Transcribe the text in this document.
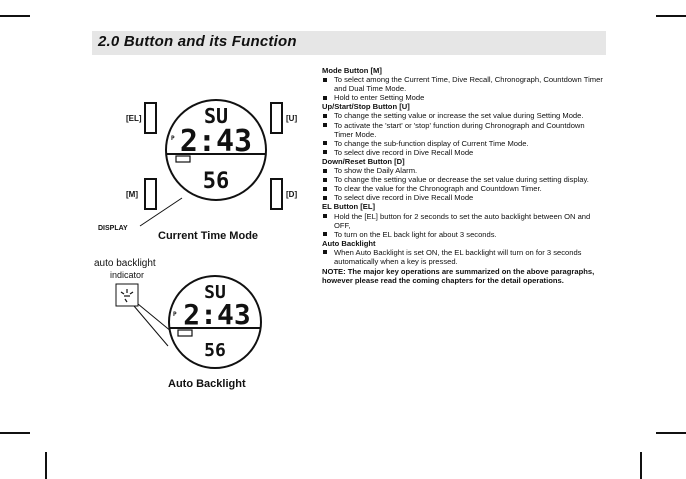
2.0 Button and its Function
[EL]	[U]
[M]	[D]
SU
P 2:43
56
DISPLAY
Current Time Mode
auto backlight
indicator
SU
P 2:43
56
Auto Backlight

Mode Button [M]

To select among the Current Time, Dive Recall, Chronograph, Countdown Timer and Dual Time Mode.

Hold to enter Setting Mode

Up/Start/Stop Button [U]

To change the setting value or increase the set value during Setting Mode.

To activate the 'start' or 'stop' function during Chronograph and Countdown Timer Mode.

To change the sub-function display of Current Time Mode.

To select dive record in Dive Recall Mode

Down/Reset Button [D]

To show the Daily Alarm.

To change the setting value or decrease the set value during setting display.

To clear the value for the Chronograph and Countdown Timer.

To select dive record in Dive Recall Mode

EL Button [EL]

Hold the [EL] button for 2 seconds to set the auto backlight between ON and OFF,

To turn on the EL back light for about 3 seconds.

Auto Backlight

When Auto Backlight is set ON, the EL backlight will turn on for 3 seconds automatically when a key is pressed.

NOTE: The major key operations are summarized on the above paragraphs, however please read the coming chapters for the detail operations.
